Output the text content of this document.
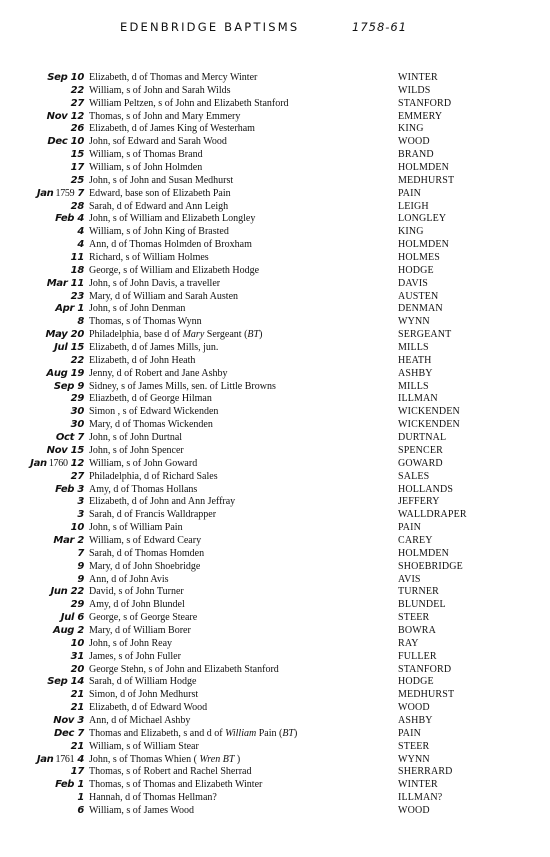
EDENBRIDGE BAPTISMS	1758-61
Sep 10 Elizabeth, d of Thomas and Mercy Winter	WINTER
22 William, s of John and Sarah Wilds	WILDS
27 William Peltzen, s of John and Elizabeth Stanford	STANFORD
Nov 12 Thomas, s of John and Mary Emmery	EMMERY
26 Elizabeth, d of James King of Westerham	KING
Dec 10 John, sof Edward and Sarah Wood	WOOD
15 William, s of Thomas Brand	BRAND
17 William, s of John Holmden	HOLMDEN
25 John, s of John and Susan Medhurst	MEDHURST
Jan 1759 7 Edward, base son of Elizabeth Pain	PAIN
28 Sarah, d of Edward and Ann Leigh	LEIGH
Feb 4 John, s of William and Elizabeth Longley	LONGLEY
4 William, s of John King of Brasted	KING
4 Ann, d of Thomas Holmden of Broxham	HOLMDEN
11 Richard, s of William Holmes	HOLMES
18 George, s of William and Elizabeth Hodge	HODGE
Mar 11 John, s of John Davis, a traveller	DAVIS
23 Mary, d of William and Sarah Austen	AUSTEN
Apr 1 John, s of John Denman	DENMAN
8 Thomas, s of Thomas Wynn	WYNN
May 20 Philadelphia, base d of Mary Sergeant (BT)	SERGEANT
Jul 15 Elizabeth, d of James Mills, jun.	MILLS
22 Elizabeth, d of John Heath	HEATH
Aug 19 Jenny, d of Robert and Jane Ashby	ASHBY
Sep 9 Sidney, s of James Mills, sen. of Little Browns	MILLS
29 Eliazbeth, d of George Hilman	ILLMAN
30 Simon , s of Edward Wickenden	WICKENDEN
30 Mary, d of Thomas Wickenden	WICKENDEN
Oct 7 John, s of John Durtnal	DURTNAL
Nov 15 John, s of John Spencer	SPENCER
Jan 1760 12 William, s of John Goward	GOWARD
27 Philadelphia, d of Richard Sales	SALES
Feb 3 Amy, d of Thomas Hollans	HOLLANDS
3 Elizabeth, d of John and Ann Jeffray	JEFFERY
3 Sarah, d of Francis Walldrapper	WALLDRAPER
10 John, s of William Pain	PAIN
Mar 2 William, s of Edward Ceary	CAREY
7 Sarah, d of Thomas Homden	HOLMDEN
9 Mary, d of John Shoebridge	SHOEBRIDGE
9 Ann, d of John Avis	AVIS
Jun 22 David, s of John Turner	TURNER
29 Amy, d of John Blundel	BLUNDEL
Jul 6 George, s of George Steare	STEER
Aug 2 Mary, d of William Borer	BOWRA
10 John, s of John Reay	RAY
31 James, s of John Fuller	FULLER
20 George Stehn, s of John and Elizabeth Stanford	STANFORD
Sep 14 Sarah, d of William Hodge	HODGE
21 Simon, d of John Medhurst	MEDHURST
21 Elizabeth, d of Edward Wood	WOOD
Nov 3 Ann, d of Michael Ashby	ASHBY
Dec 7 Thomas and Elizabeth, s and d of William Pain (BT)	PAIN
21 William, s of William Stear	STEER
Jan 1761 4 John, s of Thomas Whien ( Wren BT )	WYNN
17 Thomas, s of Robert and Rachel Sherrad	SHERRARD
Feb 1 Thomas, s of Thomas and Elizabeth Winter	WINTER
1 Hannah, d of Thomas Hellman?	ILLMAN?
6 William, s of James Wood	WOOD
